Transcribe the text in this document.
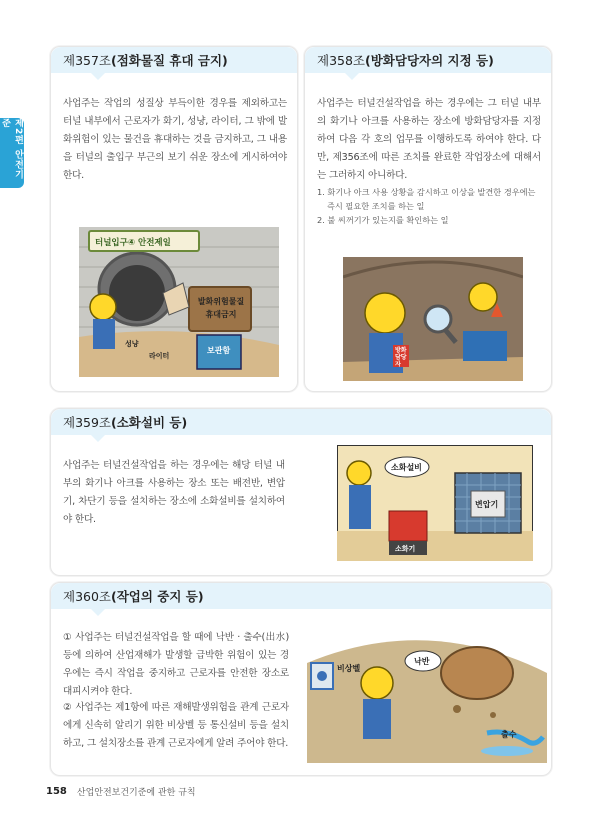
제2편 안전기준
제357조 (점화물질 휴대 금지)
사업주는 작업의 성질상 부득이한 경우를 제외하고는 터널 내부에서 근로자가 화기, 성냥, 라이터, 그 밖에 발화위험이 있는 물건을 휴대하는 것을 금지하고, 그 내용을 터널의 출입구 부근의 보기 쉬운 장소에 게시하여야 한다.
터널입구④ 안전제일
발화위험물질 휴대금지
보관함
성냥
라이터
제358조 (방화담당자의 지정 등)
사업주는 터널건설작업을 하는 경우에는 그 터널 내부의 화기나 아크를 사용하는 장소에 방화담당자를 지정하여 다음 각 호의 업무를 이행하도록 하여야 한다. 다만, 제356조에 따른 조치를 완료한 작업장소에 대해서는 그러하지 아니하다.
1. 화기나 아크 사용 상황을 감시하고 이상을 발견한 경우에는 즉시 필요한 조치를 하는 일
2. 불 씨꺼기가 있는지를 확인하는 일
방화담당자
제359조 (소화설비 등)
사업주는 터널건설작업을 하는 경우에는 해당 터널 내부의 화기나 아크를 사용하는 장소 또는 배전반, 변압기, 차단기 등을 설치하는 장소에 소화설비를 설치하여야 한다.
소화설비
소화기
변압기
제360조 (작업의 중지 등)
① 사업주는 터널건설작업을 할 때에 낙반 · 출수(出水) 등에 의하여 산업재해가 발생할 급박한 위험이 있는 경우에는 즉시 작업을 중지하고 근로자를 안전한 장소로 대피시켜야 한다.
② 사업주는 제1항에 따른 재해발생위험을 관계 근로자에게 신속히 알리기 위한 비상벨 등 통신설비 등을 설치하고, 그 설치장소를 관계 근로자에게 알려 주어야 한다.
비상벨
낙반
출수
158 산업안전보건기준에 관한 규칙
